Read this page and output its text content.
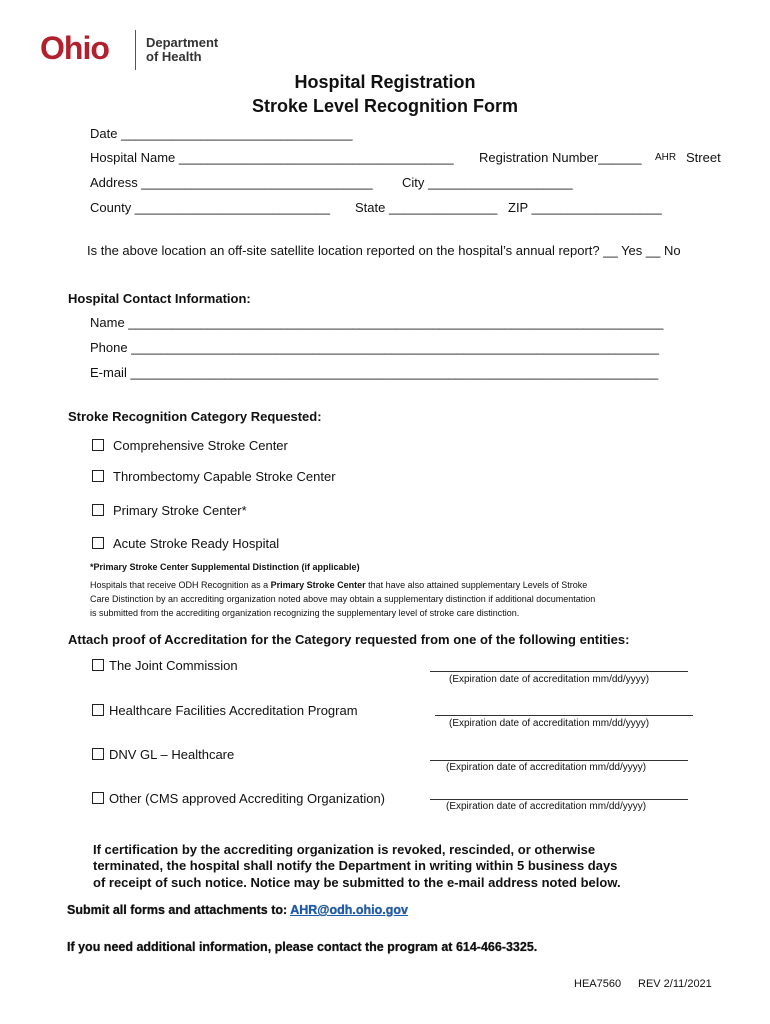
Ohio	Department
of Health
Hospital Registration
Stroke Level Recognition Form
Date ________________________________
Hospital Name ______________________________________ Registration Number______ AHR Street
Address ________________________________ City ____________________
County ___________________________ State _______________ ZIP __________________
Is the above location an off-site satellite location reported on the hospital’s annual report? __ Yes __ No
Hospital Contact Information:
Name __________________________________________________________________________
Phone _________________________________________________________________________
E-mail _________________________________________________________________________
Stroke Recognition Category Requested:
Comprehensive Stroke Center
Thrombectomy Capable Stroke Center
Primary Stroke Center*
Acute Stroke Ready Hospital
*Primary Stroke Center Supplemental Distinction (if applicable)
Hospitals that receive ODH Recognition as a Primary Stroke Center that have also attained supplementary Levels of Stroke
Care Distinction by an accrediting organization noted above may obtain a supplementary distinction if additional documentation
is submitted from the accrediting organization recognizing the supplementary level of stroke care distinction.
Attach proof of Accreditation for the Category requested from one of the following entities:
The Joint Commission
(Expiration date of accreditation mm/dd/yyyy)
Healthcare Facilities Accreditation Program
(Expiration date of accreditation mm/dd/yyyy)
DNV GL – Healthcare
(Expiration date of accreditation mm/dd/yyyy)
Other (CMS approved Accrediting Organization)
(Expiration date of accreditation mm/dd/yyyy)
If certification by the accrediting organization is revoked, rescinded, or otherwise
terminated, the hospital shall notify the Department in writing within 5 business days
of receipt of such notice. Notice may be submitted to the e-mail address noted below.
Submit all forms and attachments to: AHR@odh.ohio.gov
If you need additional information, please contact the program at 614-466-3325.
HEA7560 REV 2/11/2021
